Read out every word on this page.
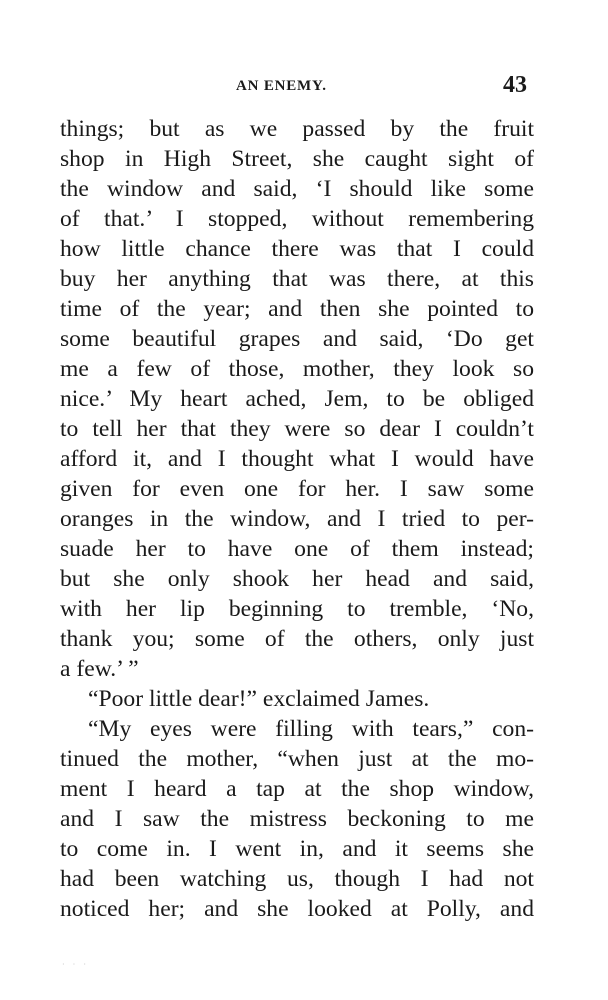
AN ENEMY.	43
things; but as we passed by the fruit
shop in High Street, she caught sight of
the window and said, ‘I should like some
of that.’ I stopped, without remembering
how little chance there was that I could
buy her anything that was there, at this
time of the year; and then she pointed to
some beautiful grapes and said, ‘Do get
me a few of those, mother, they look so
nice.’ My heart ached, Jem, to be obliged
to tell her that they were so dear I couldn’t
afford it, and I thought what I would have
given for even one for her. I saw some
oranges in the window, and I tried to per-
suade her to have one of them instead;
but she only shook her head and said,
with her lip beginning to tremble, ‘No,
thank you; some of the others, only just
a few.’ ”
“Poor little dear!” exclaimed James.
“My eyes were filling with tears,” con-
tinued the mother, “when just at the mo-
ment I heard a tap at the shop window,
and I saw the mistress beckoning to me
to come in. I went in, and it seems she
had been watching us, though I had not
noticed her; and she looked at Polly, and
· · ·
